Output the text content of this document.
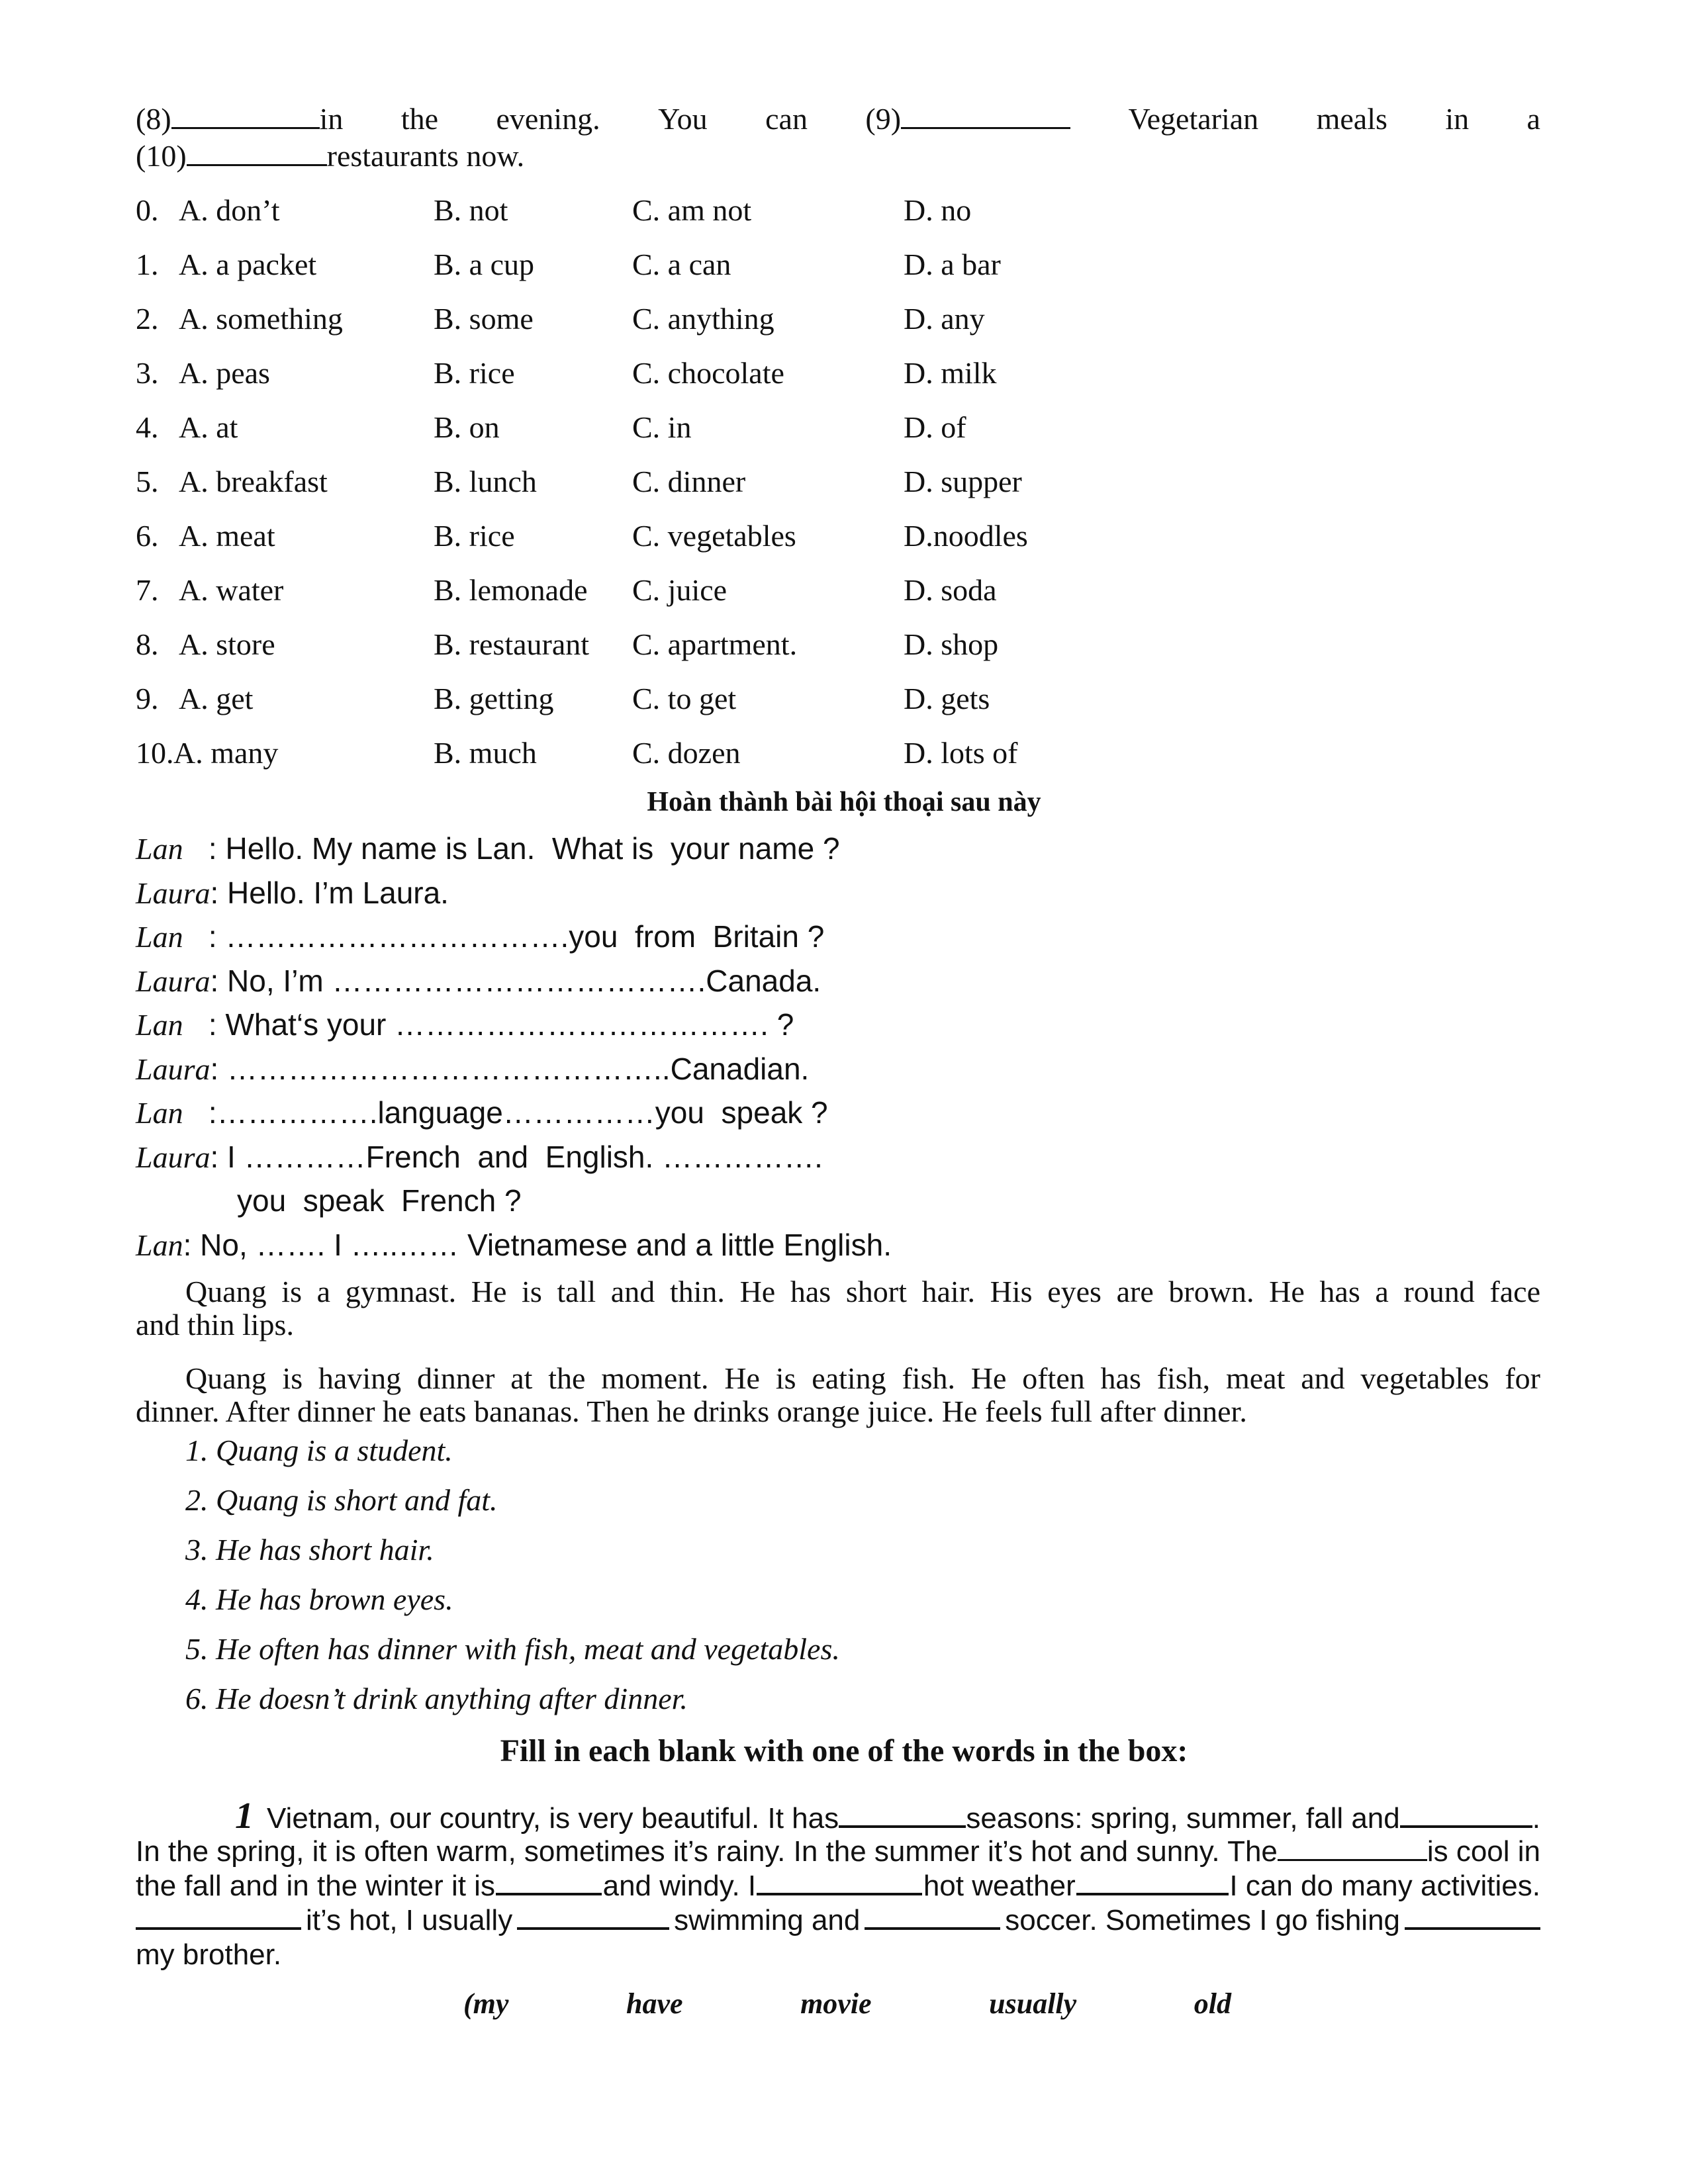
(8)	in the evening. You can (9)	Vegetarian meals in a
(10)	restaurants now.
0. A. don’t	B. not	C. am not	D. no
1. A. a packet	B. a cup	C. a can	D. a bar
2. A. something	B. some	C. anything	D. any
3. A. peas	B. rice	C. chocolate	D. milk
4. A. at	B. on	C. in	D. of
5. A. breakfast	B. lunch	C. dinner	D. supper
6. A. meat	B. rice	C. vegetables	D.noodles
7. A. water	B. lemonade C. juice	D. soda
8. A. store	B. restaurant C. apartment.	D. shop
9. A. get	B. getting	C. to get	D. gets
10. A. many	B. much	C. dozen	D. lots of
Hoàn thành bài hội thoại sau này
Lan   : Hello. My name is Lan.  What is  your name ?
Laura: Hello. I’m Laura.
Lan   : …………………………….you  from  Britain ?
Laura: No, I’m ……………………………….Canada.
Lan   : What‘s your ………………………………. ?
Laura: ……………………………………..Canadian.
Lan   :…………….language……………you  speak ?
Laura: I …………French  and  English. …………….
you  speak  French ?
Lan: No, ……. I …..…… Vietnamese and a little English.
Quang is a gymnast. He is tall and thin. He has short hair. His eyes are brown. He has a round face
and thin lips.
Quang is having dinner at the moment. He is eating fish. He often has fish, meat and vegetables for
dinner. After dinner he eats bananas. Then he drinks orange juice. He feels full after dinner.
1. Quang is a student.
2. Quang is short and fat.
3. He has short hair.
4. He has brown eyes.
5. He often has dinner with fish, meat and vegetables.
6. He doesn’t drink anything after dinner.
Fill in each blank with one of the words in the box:
1 Vietnam, our country, is very beautiful. It has	seasons: spring, summer, fall and	.
In the spring, it is often warm, sometimes it’s rainy. In the summer it’s hot and sunny. The	is cool in
the fall and in the winter it is	and windy. I	hot weather	I can do many activities.
it’s hot, I usually	swimming and	soccer. Sometimes I go fishing
my brother.
(my	have	movie	usually	old
